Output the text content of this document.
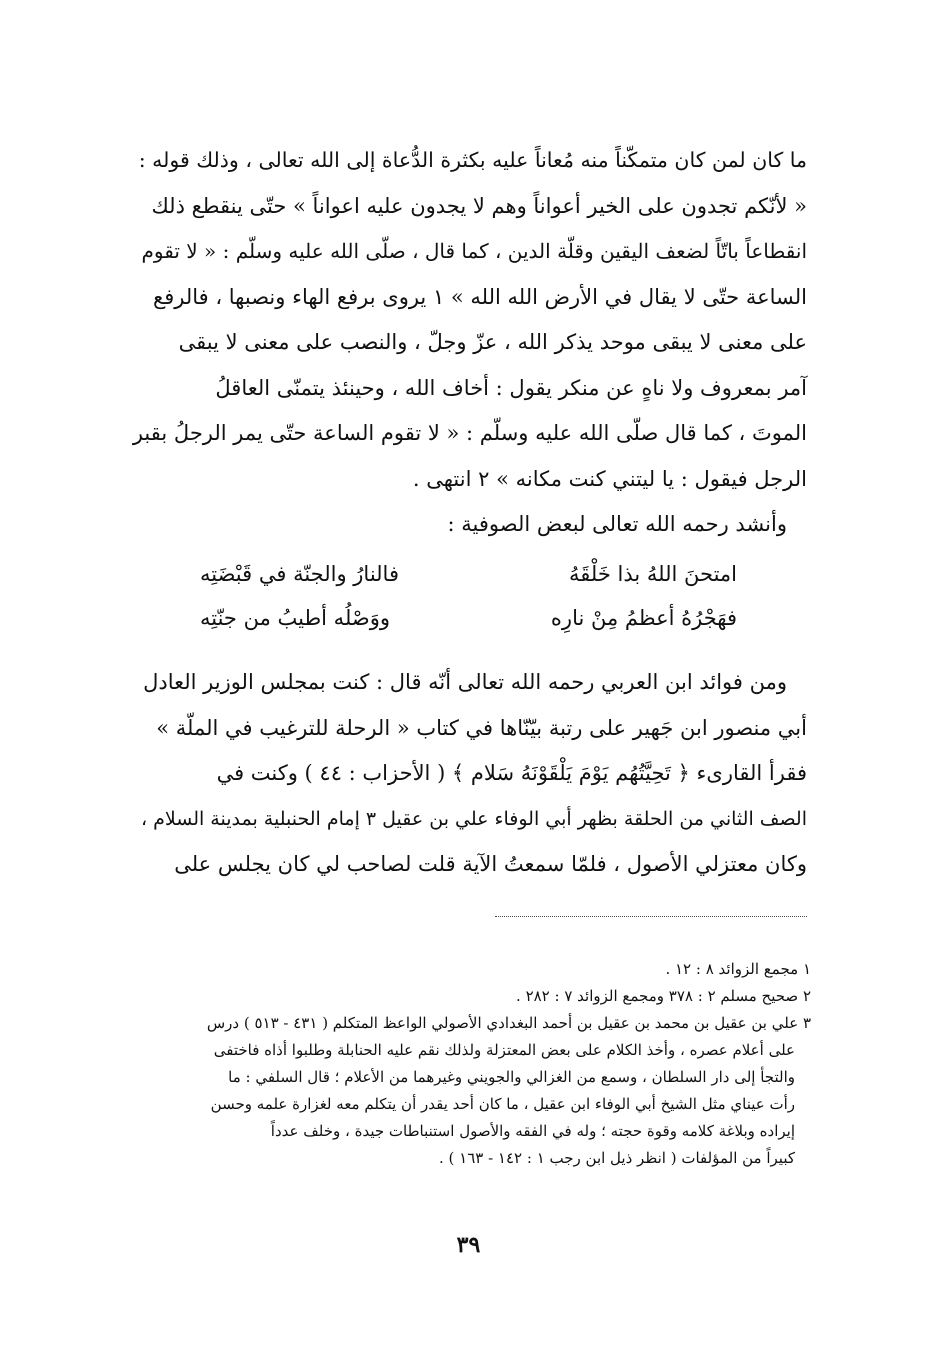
ما كان لمن كان متمكّناً منه مُعاناً عليه بكثرة الدُّعاة إلى الله تعالى ، وذلك قوله :
« لأنّكم تجدون على الخير أعواناً وهم لا يجدون عليه اعواناً » حتّى ينقطع ذلك
انقطاعاً باتّاً لضعف اليقين وقلّة الدين ، كما قال ، صلّى الله عليه وسلّم : « لا تقوم
الساعة حتّى لا يقال في الأرض الله الله » ١ يروى برفع الهاء ونصبها ، فالرفع
على معنى لا يبقى موحد يذكر الله ، عزّ وجلّ ، والنصب على معنى لا يبقى
آمر بمعروف ولا ناهٍ عن منكر يقول : أخاف الله ، وحينئذ يتمنّى العاقلُ
الموتَ ، كما قال صلّى الله عليه وسلّم : « لا تقوم الساعة حتّى يمر الرجلُ بقبر
الرجل فيقول : يا ليتني كنت مكانه » ٢ انتهى .
وأنشد رحمه الله تعالى لبعض الصوفية :
امتحنَ اللهُ بذا خَلْقَهُ
فالنارُ والجنّة في قَبْضَتِه
فهَجْرُهُ أعظمُ مِنْ نارِه
ووَصْلُه أطيبُ من جنّتِه
ومن فوائد ابن العربي رحمه الله تعالى أنّه قال : كنت بمجلس الوزير العادل
أبي منصور ابن جَهير على رتبة بيّنّاها في كتاب « الرحلة للترغيب في الملّة »
فقرأ القارىء ﴿ تَحِيَّتُهُم يَوْمَ يَلْقَوْنَهُ سَلام ﴾ ( الأحزاب : ٤٤ ) وكنت في
الصف الثاني من الحلقة بظهر أبي الوفاء علي بن عقيل ٣ إمام الحنبلية بمدينة السلام ،
وكان معتزلي الأصول ، فلمّا سمعتُ الآية قلت لصاحب لي كان يجلس على
١ مجمع الزوائد ٨ : ١٢ .
٢ صحيح مسلم ٢ : ٣٧٨ ومجمع الزوائد ٧ : ٢٨٢ .
٣ علي بن عقيل بن محمد بن عقيل بن أحمد البغدادي الأصولي الواعظ المتكلم ( ٤٣١ - ٥١٣ ) درس
على أعلام عصره ، وأخذ الكلام على بعض المعتزلة ولذلك نقم عليه الحنابلة وطلبوا أذاه فاختفى
والتجأ إلى دار السلطان ، وسمع من الغزالي والجويني وغيرهما من الأعلام ؛ قال السلفي : ما
رأت عيناي مثل الشيخ أبي الوفاء ابن عقيل ، ما كان أحد يقدر أن يتكلم معه لغزارة علمه وحسن
إيراده وبلاغة كلامه وقوة حجته ؛ وله في الفقه والأصول استنباطات جيدة ، وخلف عدداً
كبيراً من المؤلفات ( انظر ذيل ابن رجب ١ : ١٤٢ - ١٦٣ ) .
٣٩
